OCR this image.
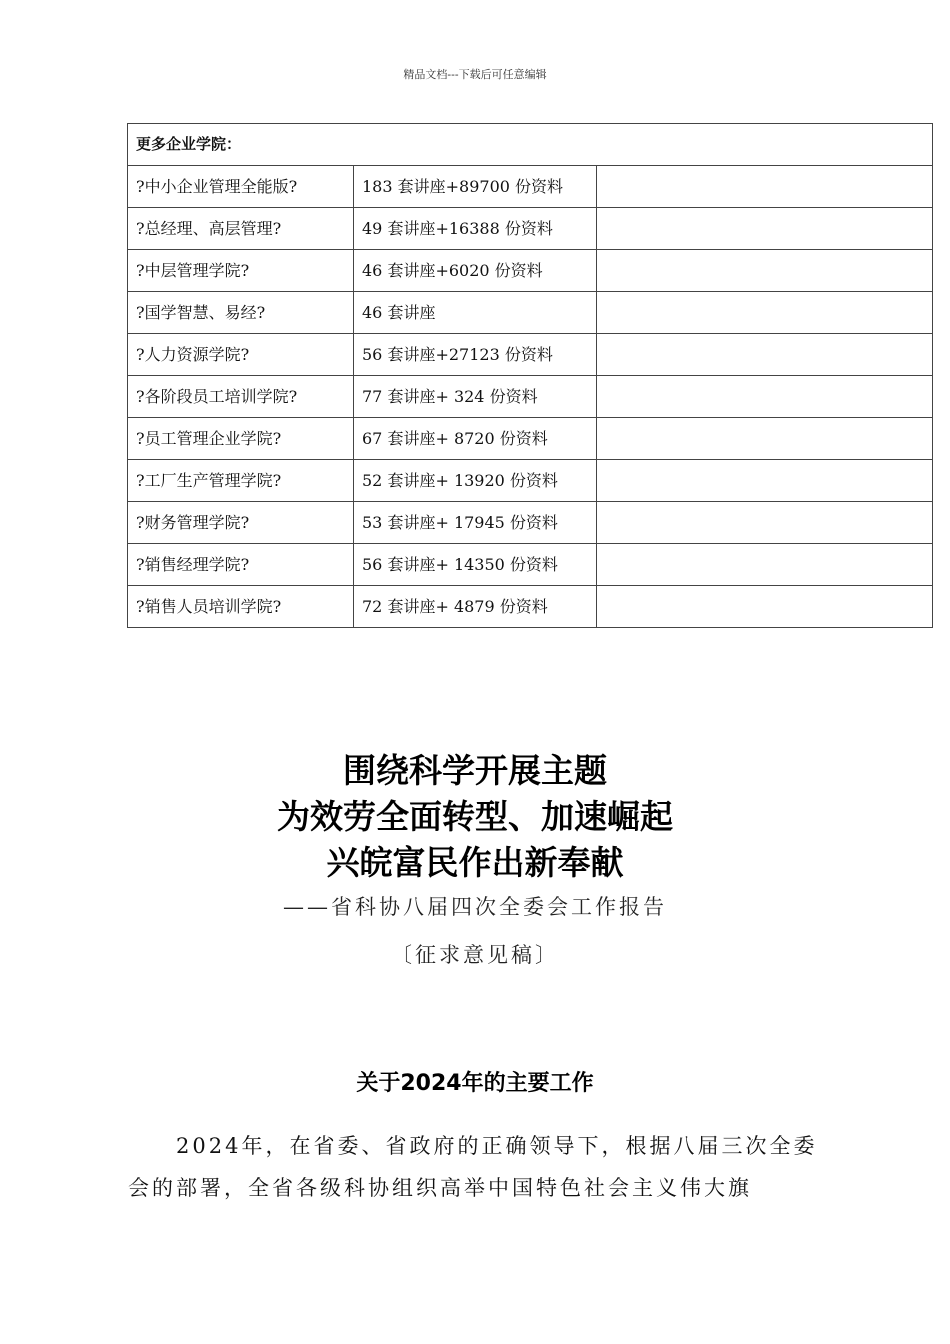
精品文档---下载后可任意编辑
更多企业学院：		
?中小企业管理全能版?	183 套讲座+89700 份资料	
?总经理、高层管理?	49 套讲座+16388 份资料	
?中层管理学院?	46 套讲座+6020 份资料	
?国学智慧、易经?	46 套讲座	
?人力资源学院?	56 套讲座+27123 份资料	
?各阶段员工培训学院?	77 套讲座+ 324 份资料	
?员工管理企业学院?	67 套讲座+ 8720 份资料	
?工厂生产管理学院?	52 套讲座+ 13920 份资料	
?财务管理学院?	53 套讲座+ 17945 份资料	
?销售经理学院?	56 套讲座+ 14350 份资料	
?销售人员培训学院?	72 套讲座+ 4879 份资料	
围绕科学开展主题
为效劳全面转型、加速崛起
兴皖富民作出新奉献
——省科协八届四次全委会工作报告
〔征求意见稿〕
关于2024年的主要工作
2024年，在省委、省政府的正确领导下，根据八届三次全委会的部署，全省各级科协组织高举中国特色社会主义伟大旗
